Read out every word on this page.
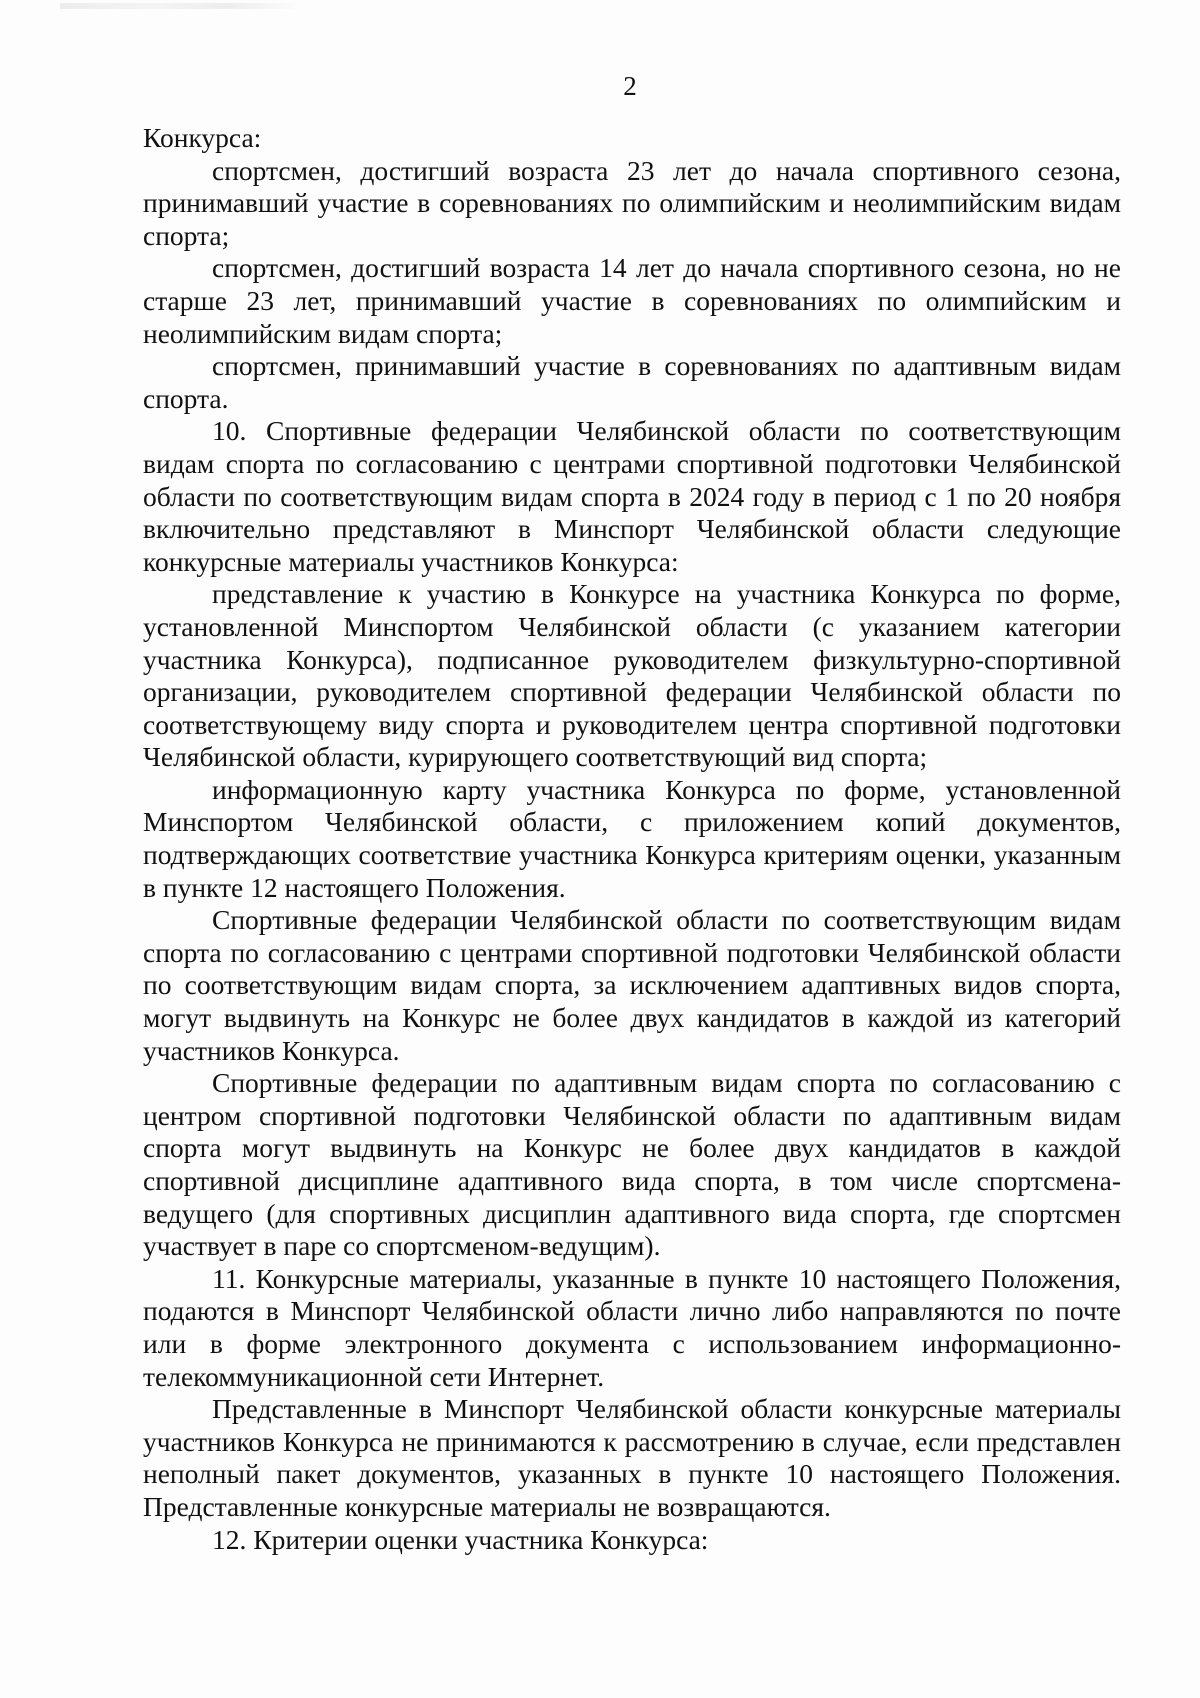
2

Конкурса:

спортсмен, достигший возраста 23 лет до начала спортивного сезона, принимавший участие в соревнованиях по олимпийским и неолимпийским видам спорта;

спортсмен, достигший возраста 14 лет до начала спортивного сезона, но не старше 23 лет, принимавший участие в соревнованиях по олимпийским и неолимпийским видам спорта;

спортсмен, принимавший участие в соревнованиях по адаптивным видам спорта.

10. Спортивные федерации Челябинской области по соответствующим видам спорта по согласованию с центрами спортивной подготовки Челябинской области по соответствующим видам спорта в 2024 году в период с 1 по 20 ноября включительно представляют в Минспорт Челябинской области следующие конкурсные материалы участников Конкурса:

представление к участию в Конкурсе на участника Конкурса по форме, установленной Минспортом Челябинской области (с указанием категории участника Конкурса), подписанное руководителем физкультурно-спортивной организации, руководителем спортивной федерации Челябинской области по соответствующему виду спорта и руководителем центра спортивной подготовки Челябинской области, курирующего соответствующий вид спорта;

информационную карту участника Конкурса по форме, установленной Минспортом Челябинской области, с приложением копий документов, подтверждающих соответствие участника Конкурса критериям оценки, указанным в пункте 12 настоящего Положения.

Спортивные федерации Челябинской области по соответствующим видам спорта по согласованию с центрами спортивной подготовки Челябинской области по соответствующим видам спорта, за исключением адаптивных видов спорта, могут выдвинуть на Конкурс не более двух кандидатов в каждой из категорий участников Конкурса.

Спортивные федерации по адаптивным видам спорта по согласованию с центром спортивной подготовки Челябинской области по адаптивным видам спорта могут выдвинуть на Конкурс не более двух кандидатов в каждой спортивной дисциплине адаптивного вида спорта, в том числе спортсмена-ведущего (для спортивных дисциплин адаптивного вида спорта, где спортсмен участвует в паре со спортсменом-ведущим).

11. Конкурсные материалы, указанные в пункте 10 настоящего Положения, подаются в Минспорт Челябинской области лично либо направляются по почте или в форме электронного документа с использованием информационно-телекоммуникационной сети Интернет.

Представленные в Минспорт Челябинской области конкурсные материалы участников Конкурса не принимаются к рассмотрению в случае, если представлен неполный пакет документов, указанных в пункте 10 настоящего Положения. Представленные конкурсные материалы не возвращаются.

12. Критерии оценки участника Конкурса:
